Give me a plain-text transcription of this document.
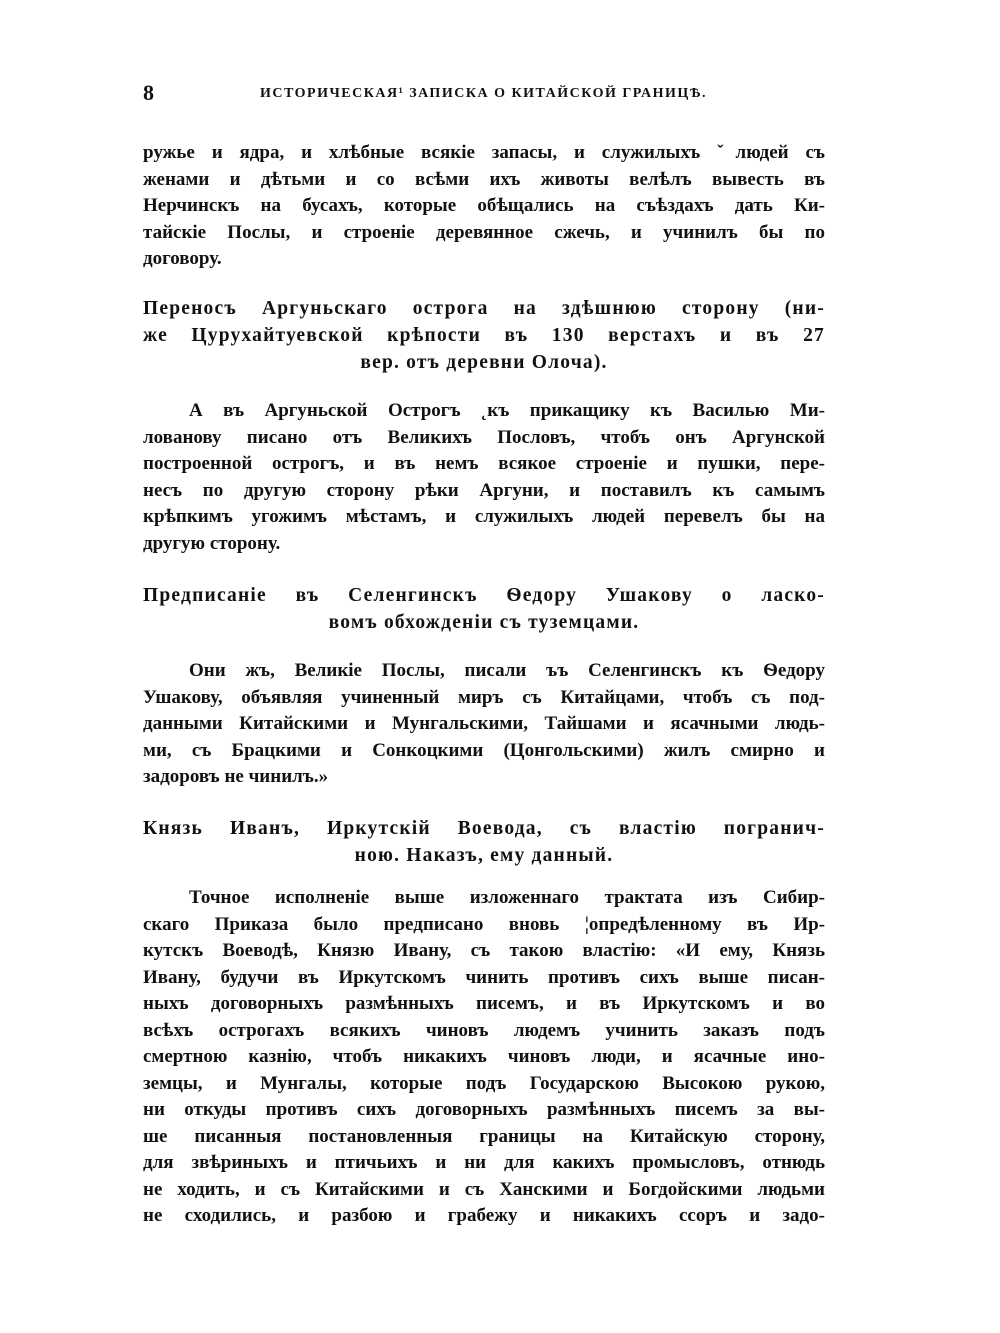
8	ИСТОРИЧЕСКАЯ¹ ЗАПИСКА О КИТАЙСКОЙ ГРАНИЦѢ.
ружье и ядра, и хлѣбные всякіе запасы, и служилыхъ ˇлюдей съ
женами и дѣтьми и со всѣми ихъ животы велѣлъ вывесть въ
Нерчинскъ на бусахъ, которые обѣщались на съѣздахъ дать Ки-
тайскіе Послы, и строеніе деревянное сжечь, и учинилъ бы по
договору.
Переносъ Аргуньскаго острога на здѣшнюю сторону (ни-
же Цурухайтуевской крѣпости въ 130 верстахъ и въ 27
вер. отъ деревни Олоча).
А въ Аргуньской Острогъ ˛къ прикащику къ Василью Ми-
лованову писано отъ Великихъ Пословъ, чтобъ онъ Аргунской
построенной острогъ, и въ немъ всякое строеніе и пушки, пере-
несъ по другую сторону рѣки Аргуни, и поставилъ къ самымъ
крѣпкимъ угожимъ мѣстамъ, и служилыхъ людей перевелъ бы на
другую сторону.
Предписаніе въ Селенгинскъ Ѳедору Ушакову о ласко-
вомъ обхожденіи съ туземцами.
Они жъ, Великіе Послы, писали ъъ Селенгинскъ къ Ѳедору
Ушакову, объявляя учиненный миръ съ Китайцами, чтобъ съ под-
данными Китайскими и Мунгальскими, Тайшами и ясачными людь-
ми, съ Брацкими и Сонкоцкими (Цонгольскими) жилъ смирно и
задоровъ не чинилъ.»
Князь Иванъ, Иркутскій Воевода, съ властію погранич-
ною. Наказъ, ему данный.
Точное исполненіе выше изложеннаго трактата изъ Сибир-
скаго Приказа было предписано вновь ¦опредѣленному въ Ир-
кутскъ Воеводѣ, Князю Ивану, съ такою властію: «И ему, Князь
Ивану, будучи въ Иркутскомъ чинить противъ сихъ выше писан-
ныхъ договорныхъ размѣнныхъ писемъ, и въ Иркутскомъ и во
всѣхъ острогахъ всякихъ чиновъ людемъ учинить заказъ подъ
смертною казнію, чтобъ никакихъ чиновъ люди, и ясачные ино-
земцы, и Мунгалы, которые подъ Государскою Высокою рукою,
ни откуды противъ сихъ договорныхъ размѣнныхъ писемъ за вы-
ше писанныя постановленныя границы на Китайскую сторону,
для звѣриныхъ и птичьихъ и ни для какихъ промысловъ, отнюдь
не ходить, и съ Китайскими и съ Ханскими и Богдойскими людьми
не сходились, и разбою и грабежу и никакихъ ссоръ и задо-
